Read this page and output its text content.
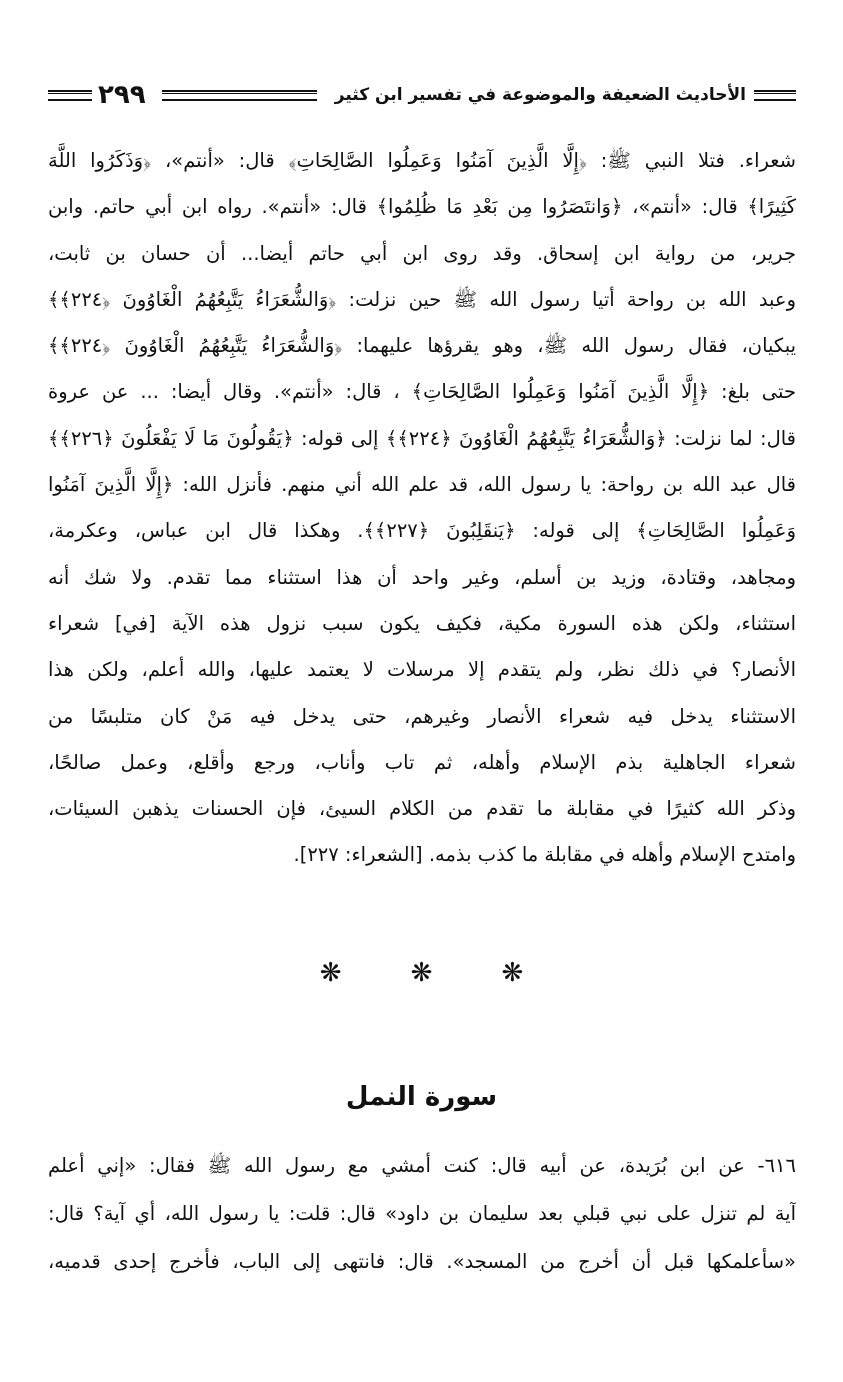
الأحاديث الضعيفة والموضوعة في تفسير ابن كثير
٢٩٩
شعراء. فتلا النبي ﷺ: ﴿إِلَّا الَّذِينَ آمَنُوا وَعَمِلُوا الصَّالِحَاتِ﴾ قال: «أنتم»، ﴿وَذَكَرُوا اللَّهَ
كَثِيرًا﴾ قال: «أنتم»، ﴿وَانتَصَرُوا مِن بَعْدِ مَا ظُلِمُوا﴾ قال: «أنتم». رواه ابن أبي حاتم. وابن
جرير، من رواية ابن إسحاق. وقد روى ابن أبي حاتم أيضا... أن حسان بن ثابت،
وعبد الله بن رواحة أتيا رسول الله ﷺ حين نزلت: ﴿وَالشُّعَرَاءُ يَتَّبِعُهُمُ الْغَاوُونَ ﴿٢٢٤﴾﴾
يبكيان، فقال رسول الله ﷺ، وهو يقرؤها عليهما: ﴿وَالشُّعَرَاءُ يَتَّبِعُهُمُ الْغَاوُونَ ﴿٢٢٤﴾﴾
حتى بلغ: ﴿إِلَّا الَّذِينَ آمَنُوا وَعَمِلُوا الصَّالِحَاتِ﴾ ، قال: «أنتم». وقال أيضا: ... عن عروة
قال: لما نزلت: ﴿وَالشُّعَرَاءُ يَتَّبِعُهُمُ الْغَاوُونَ ﴿٢٢٤﴾﴾ إلى قوله: ﴿يَقُولُونَ مَا لَا يَفْعَلُونَ ﴿٢٢٦﴾﴾
قال عبد الله بن رواحة: يا رسول الله، قد علم الله أني منهم. فأنزل الله: ﴿إِلَّا الَّذِينَ آمَنُوا
وَعَمِلُوا الصَّالِحَاتِ﴾ إلى قوله: ﴿يَنقَلِبُونَ ﴿٢٢٧﴾﴾. وهكذا قال ابن عباس، وعكرمة،
ومجاهد، وقتادة، وزيد بن أسلم، وغير واحد أن هذا استثناء مما تقدم. ولا شك أنه
استثناء، ولكن هذه السورة مكية، فكيف يكون سبب نزول هذه الآية [في] شعراء
الأنصار؟ في ذلك نظر، ولم يتقدم إلا مرسلات لا يعتمد عليها، والله أعلم، ولكن هذا
الاستثناء يدخل فيه شعراء الأنصار وغيرهم، حتى يدخل فيه مَنْ كان متلبسًا من
شعراء الجاهلية بذم الإسلام وأهله، ثم تاب وأناب، ورجع وأقلع، وعمل صالحًا،
وذكر الله كثيرًا في مقابلة ما تقدم من الكلام السيئ، فإن الحسنات يذهبن السيئات،
وامتدح الإسلام وأهله في مقابلة ما كذب بذمه. [الشعراء: ٢٢٧].
❋ ❋ ❋
سورة النمل
٦١٦- عن ابن بُرَيدة، عن أبيه قال: كنت أمشي مع رسول الله ﷺ فقال: «إني أعلم
آية لم تنزل على نبي قبلي بعد سليمان بن داود» قال: قلت: يا رسول الله، أي آية؟ قال:
«سأعلمكها قبل أن أخرج من المسجد». قال: فانتهى إلى الباب، فأخرج إحدى قدميه،
